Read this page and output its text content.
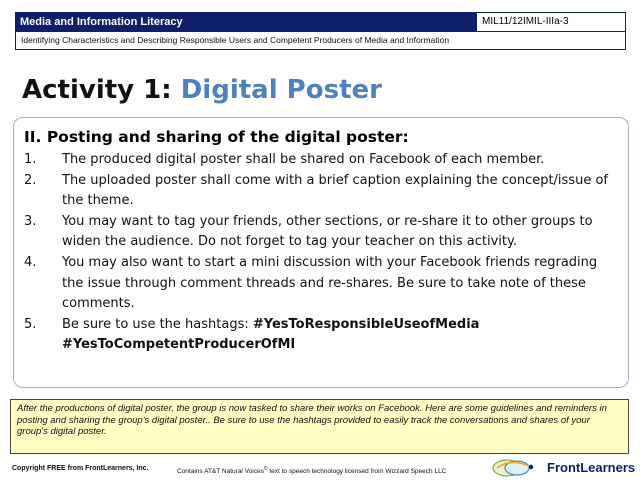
Media and Information Literacy	MIL11/12IMIL-IIIa-3
Identifying Characteristics and Describing Responsible Users and Competent Producers of Media and Information
Activity 1: Digital Poster
II. Posting and sharing of the digital poster:
1.	The produced digital poster shall be shared on Facebook of each member.
2.	The uploaded poster shall come with a brief caption explaining the concept/issue of the theme.
3.	You may want to tag your friends, other sections, or re-share it to other groups to widen the audience. Do not forget to tag your teacher on this activity.
4.	You may also want to start a mini discussion with your Facebook friends regrading the issue through comment threads and re-shares. Be sure to take note of these comments.
5.	Be sure to use the hashtags: #YesToResponsibleUseofMedia
#YesToCompetentProducerOfMI
After the productions of digital poster, the group is now tasked to share their works on Facebook. Here are some guidelines and reminders in posting and sharing the group's digital poster.. Be sure to use the hashtags provided to easily track the conversations and shares of your group's digital poster.
Copyright FREE from FrontLearners, Inc.	Contains AT&T Natural Voices© text to speech technology licensed from Wizzard Speech LLC	FrontLearners
